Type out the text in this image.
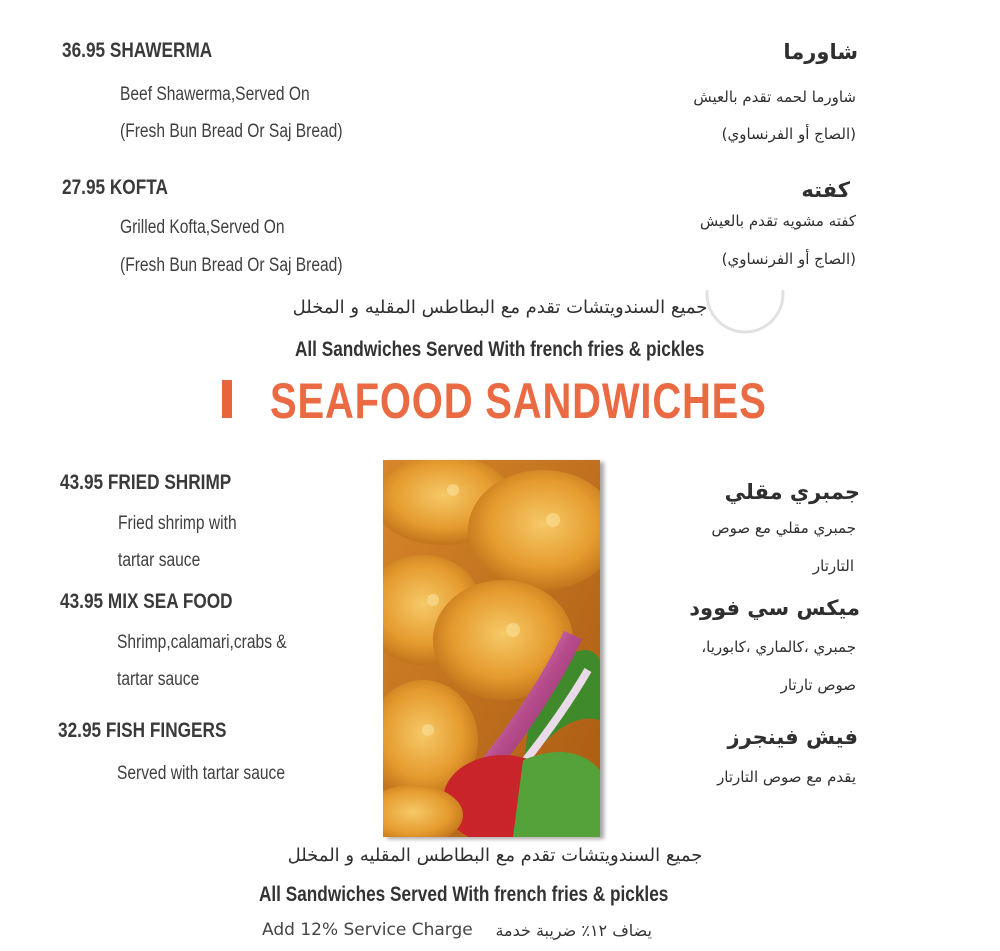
36.95 SHAWERMA
Beef Shawerma,Served On
(Fresh Bun Bread Or Saj Bread)
شاورما
شاورما لحمه تقدم بالعيش
(الصاج أو الفرنساوي)
27.95 KOFTA
Grilled Kofta,Served On
(Fresh Bun Bread Or Saj Bread)
كفته
كفته مشويه تقدم بالعيش
(الصاج أو الفرنساوي)
جميع السندويتشات تقدم مع البطاطس المقليه و المخلل
All Sandwiches Served With french fries & pickles
SEAFOOD SANDWICHES
43.95 FRIED SHRIMP
Fried shrimp with
tartar sauce
جمبري مقلي
جمبري مقلي مع صوص
التارتار
43.95 MIX SEA FOOD
Shrimp,calamari,crabs &
tartar sauce
ميكس سي فوود
جمبري ،كالماري ،كابوريا،
صوص تارتار
32.95 FISH FINGERS
Served with tartar sauce
فيش فينجرز
يقدم مع صوص التارتار
جميع السندويتشات تقدم مع البطاطس المقليه و المخلل
All Sandwiches Served With french fries & pickles
Add 12% Service Charge يضاف ١٢٪ ضريبة خدمة
